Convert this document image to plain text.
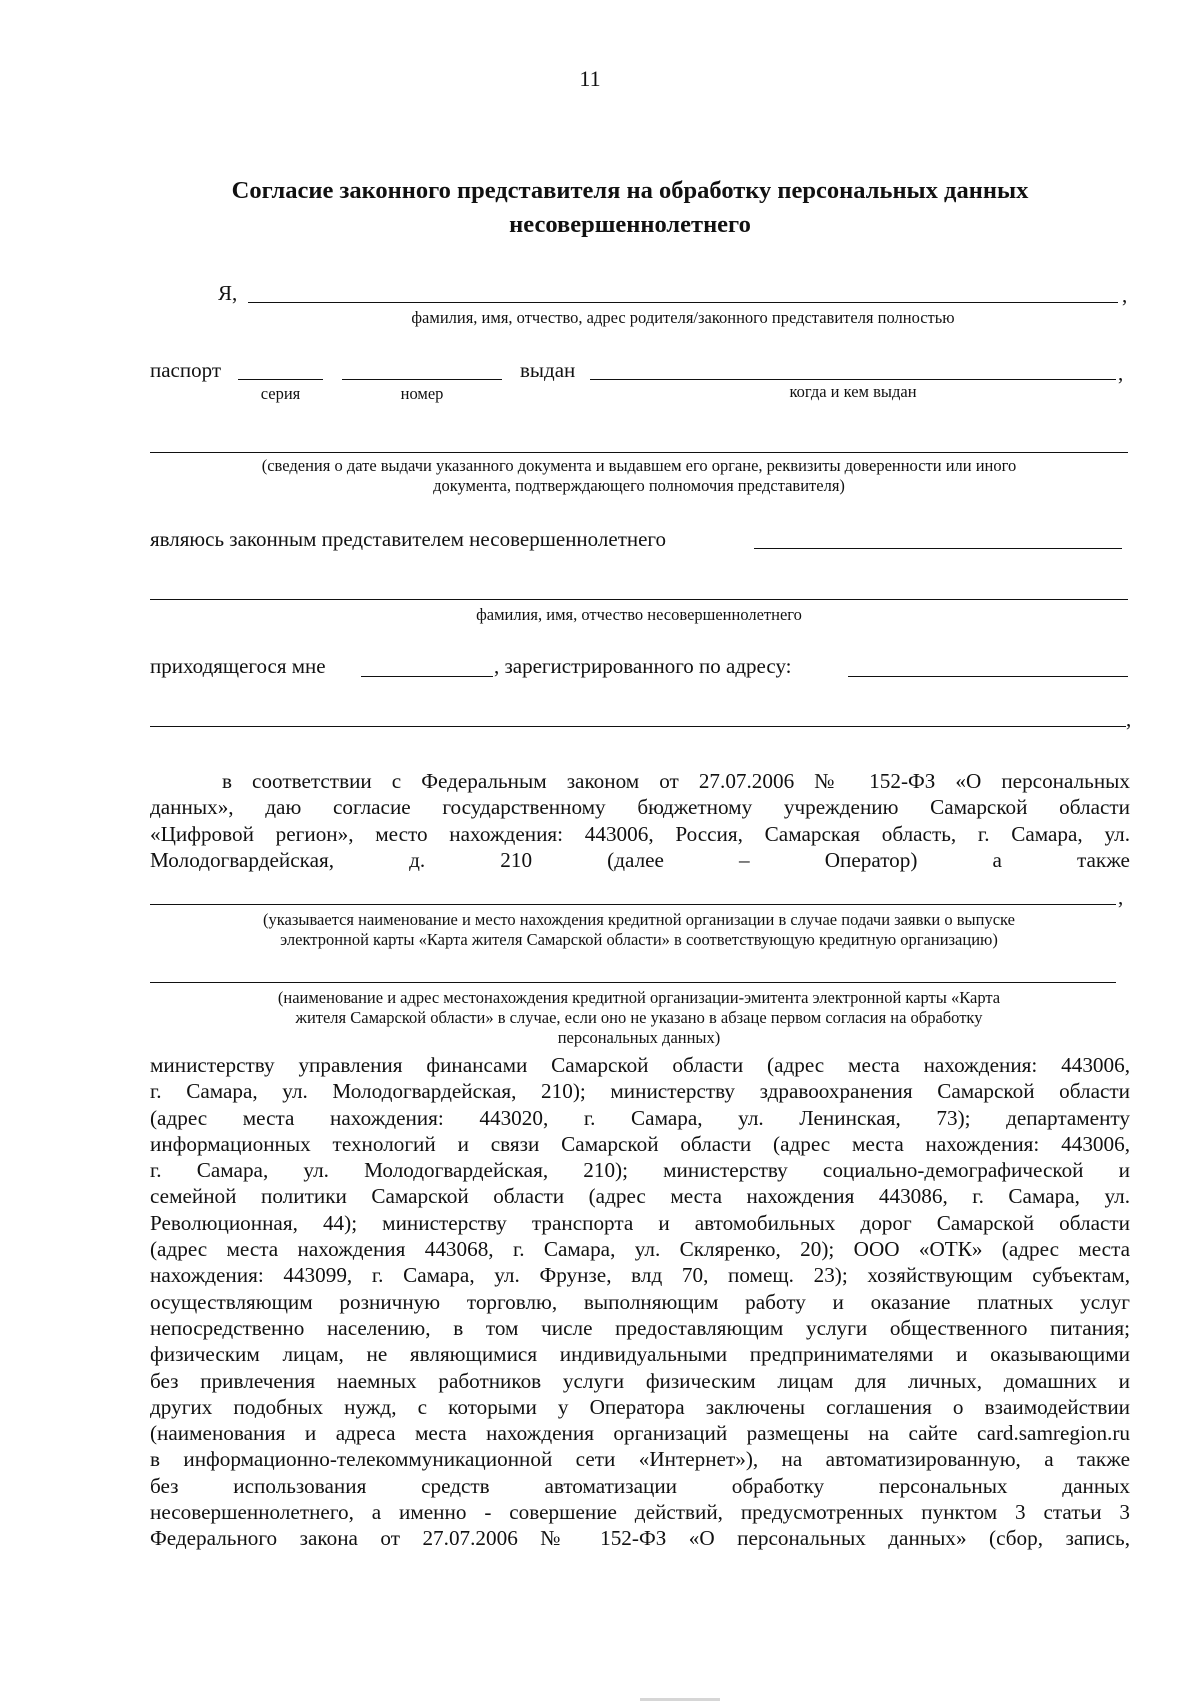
11
Согласие законного представителя на обработку персональных данных
несовершеннолетнего
Я,	,
фамилия, имя, отчество, адрес родителя/законного представителя полностью
паспорт	выдан	,
серия	номер	когда и кем выдан
(сведения о дате выдачи указанного документа и выдавшем его органе, реквизиты доверенности или иного
документа, подтверждающего полномочия представителя)
являюсь законным представителем несовершеннолетнего
фамилия, имя, отчество несовершеннолетнего
приходящегося мне	, зарегистрированного по адресу:
,
в соответствии с Федеральным законом от 27.07.2006 № 152-ФЗ «О персональных
данных», даю согласие государственному бюджетному учреждению Самарской области
«Цифровой регион», место нахождения: 443006, Россия, Самарская область, г. Самара, ул.
Молодогвардейская,	д.	210	(далее	–	Оператор)	а	также
,
(указывается наименование и место нахождения кредитной организации в случае подачи заявки о выпуске
электронной карты «Карта жителя Самарской области» в соответствующую кредитную организацию)
(наименование и адрес местонахождения кредитной организации-эмитента электронной карты «Карта
жителя Самарской области» в случае, если оно не указано в абзаце первом согласия на обработку
персональных данных)
министерству управления финансами Самарской области (адрес места нахождения: 443006,
г. Самара, ул. Молодогвардейская, 210); министерству здравоохранения Самарской области
(адрес места нахождения: 443020, г. Самара, ул. Ленинская, 73); департаменту
информационных технологий и связи Самарской области (адрес места нахождения: 443006,
г. Самара, ул. Молодогвардейская, 210); министерству социально-демографической и
семейной политики Самарской области (адрес места нахождения 443086, г. Самара, ул.
Революционная, 44); министерству транспорта и автомобильных дорог Самарской области
(адрес места нахождения 443068, г. Самара, ул. Скляренко, 20); ООО «ОТК» (адрес места
нахождения: 443099, г. Самара, ул. Фрунзе, влд 70, помещ. 23); хозяйствующим субъектам,
осуществляющим розничную торговлю, выполняющим работу и оказание платных услуг
непосредственно населению, в том числе предоставляющим услуги общественного питания;
физическим лицам, не являющимися индивидуальными предпринимателями и оказывающими
без привлечения наемных работников услуги физическим лицам для личных, домашних и
других подобных нужд, с которыми у Оператора заключены соглашения о взаимодействии
(наименования и адреса места нахождения организаций размещены на сайте card.samregion.ru
в информационно-телекоммуникационной сети «Интернет»), на автоматизированную, а также
без использования средств автоматизации обработку персональных данных
несовершеннолетнего, а именно - совершение действий, предусмотренных пунктом 3 статьи 3
Федерального закона от 27.07.2006 № 152-ФЗ «О персональных данных» (сбор, запись,
